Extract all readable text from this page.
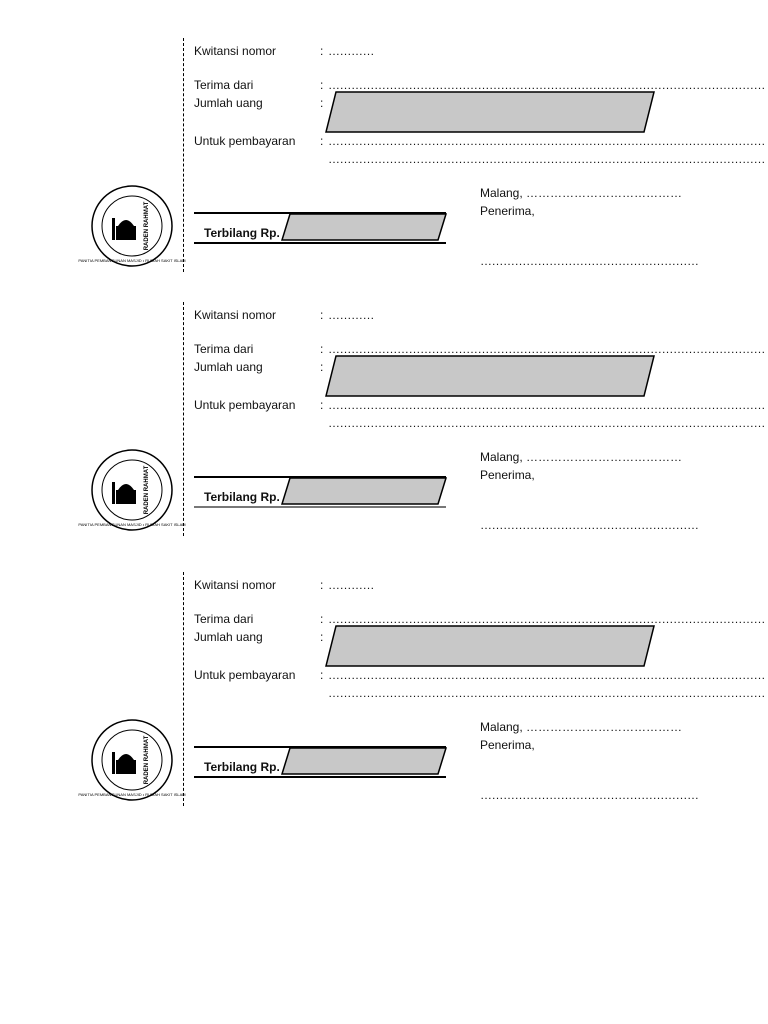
RADEN RAHMAT
PANITIA PEMBANGUNAN MASJID • RUMAH SAKIT ISLAM
Kwitansi nomor	: …………
Terima dari	: ……………………………………………………………………………………………………
Jumlah uang	:
Untuk pembayaran : ……………………………………………………………………………………………………
……………………………………………………………………………………………………
Malang, …………………………………
Penerima,
Terbilang Rp.
…………………………………………………
RADEN RAHMAT
PANITIA PEMBANGUNAN MASJID • RUMAH SAKIT ISLAM
Kwitansi nomor	: …………
Terima dari	: ……………………………………………………………………………………………………
Jumlah uang	:
Untuk pembayaran : ……………………………………………………………………………………………………
……………………………………………………………………………………………………
Malang, …………………………………
Penerima,
Terbilang Rp.
…………………………………………………
RADEN RAHMAT
PANITIA PEMBANGUNAN MASJID • RUMAH SAKIT ISLAM
Kwitansi nomor	: …………
Terima dari	: ……………………………………………………………………………………………………
Jumlah uang	:
Untuk pembayaran : ……………………………………………………………………………………………………
……………………………………………………………………………………………………
Malang, …………………………………
Penerima,
Terbilang Rp.
…………………………………………………
